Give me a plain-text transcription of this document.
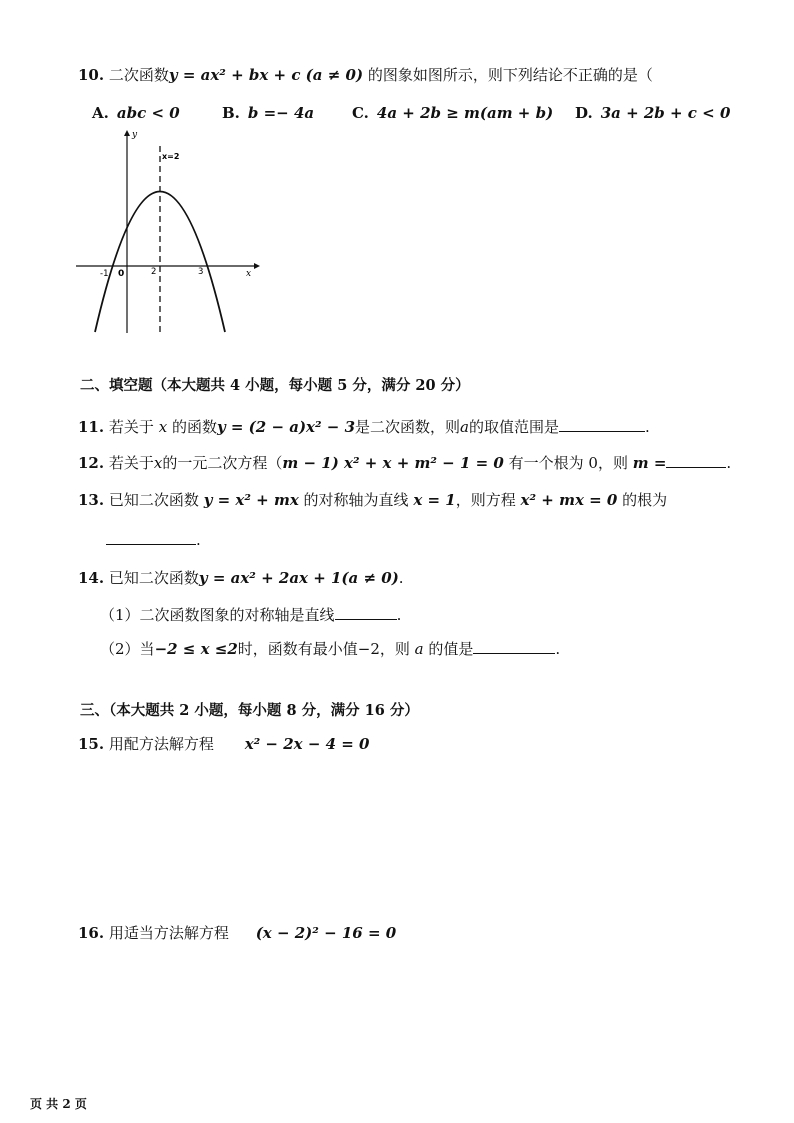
10. 二次函数y = ax² + bx + c (a ≠ 0) 的图象如图所示，则下列结论不正确的是（
A. abc < 0	B. b =− 4a	C. 4a + 2b ≥ m(am + b) D. 3a + 2b + c < 0
y
x
x=2
-1 0	2	3
二、填空题（本大题共 4 小题，每小题 5 分，满分 20 分）
11. 若关于 x 的函数y = (2 − a)x² − 3是二次函数，则a的取值范围是	.
12. 若关于x的一元二次方程（m − 1) x² + x + m² − 1 = 0 有一个根为 0，则 m =	.
13. 已知二次函数 y = x² + mx 的对称轴为直线 x = 1，则方程 x² + mx = 0 的根为
.
14. 已知二次函数y = ax² + 2ax + 1(a ≠ 0).
（1）二次函数图象的对称轴是直线	.
（2）当−2 ≤ x ≤2时，函数有最小值−2，则 a 的值是	.
三、（本大题共 2 小题，每小题 8 分，满分 16 分）
15. 用配方法解方程 x² − 2x − 4 = 0
16. 用适当方法解方程 (x − 2)² − 16 = 0
页 共 2 页
